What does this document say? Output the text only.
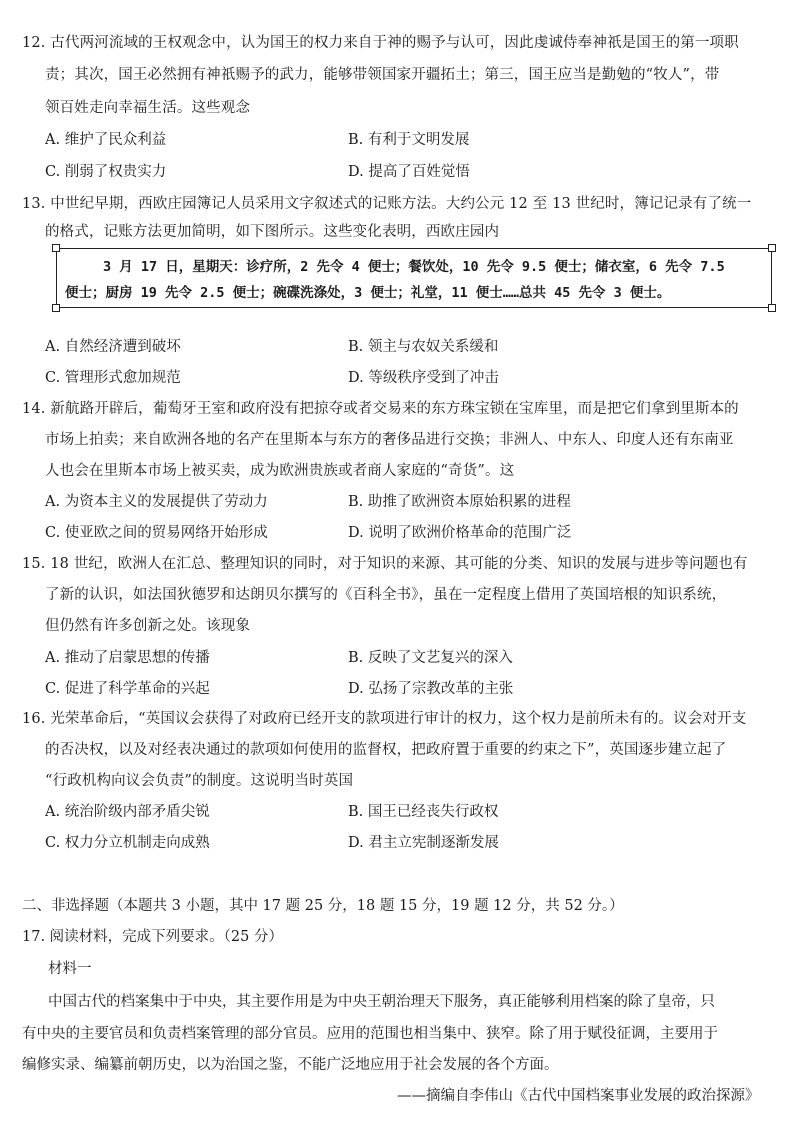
12. 古代两河流域的王权观念中，认为国王的权力来自于神的赐予与认可，因此虔诚侍奉神祇是国王的第一项职
责；其次，国王必然拥有神祇赐予的武力，能够带领国家开疆拓土；第三，国王应当是勤勉的“牧人”，带
领百姓走向幸福生活。这些观念
A. 维护了民众利益	B. 有利于文明发展
C. 削弱了权贵实力	D. 提高了百姓觉悟
13. 中世纪早期，西欧庄园簿记人员采用文字叙述式的记账方法。大约公元 12 至 13 世纪时，簿记记录有了统一
的格式，记账方法更加简明，如下图所示。这些变化表明，西欧庄园内
3 月 17 日，星期天：诊疗所，2 先令 4 便士；餐饮处，10 先令 9.5 便士；储衣室，6 先令 7.5
便士；厨房 19 先令 2.5 便士；碗碟洗涤处，3 便士；礼堂，11 便士……总共 45 先令 3 便士。
A. 自然经济遭到破坏	B. 领主与农奴关系缓和
C. 管理形式愈加规范	D. 等级秩序受到了冲击
14. 新航路开辟后，葡萄牙王室和政府没有把掠夺或者交易来的东方珠宝锁在宝库里，而是把它们拿到里斯本的
市场上拍卖；来自欧洲各地的名产在里斯本与东方的奢侈品进行交换；非洲人、中东人、印度人还有东南亚
人也会在里斯本市场上被买卖，成为欧洲贵族或者商人家庭的“奇货”。这
A. 为资本主义的发展提供了劳动力	B. 助推了欧洲资本原始积累的进程
C. 使亚欧之间的贸易网络开始形成	D. 说明了欧洲价格革命的范围广泛
15. 18 世纪，欧洲人在汇总、整理知识的同时，对于知识的来源、其可能的分类、知识的发展与进步等问题也有
了新的认识，如法国狄德罗和达朗贝尔撰写的《百科全书》，虽在一定程度上借用了英国培根的知识系统，
但仍然有许多创新之处。该现象
A. 推动了启蒙思想的传播	B. 反映了文艺复兴的深入
C. 促进了科学革命的兴起	D. 弘扬了宗教改革的主张
16. 光荣革命后，“英国议会获得了对政府已经开支的款项进行审计的权力，这个权力是前所未有的。议会对开支
的否决权，以及对经表决通过的款项如何使用的监督权，把政府置于重要的约束之下”，英国逐步建立起了
“行政机构向议会负责”的制度。这说明当时英国
A. 统治阶级内部矛盾尖锐	B. 国王已经丧失行政权
C. 权力分立机制走向成熟	D. 君主立宪制逐渐发展
二、非选择题（本题共 3 小题，其中 17 题 25 分，18 题 15 分，19 题 12 分，共 52 分。）
17. 阅读材料，完成下列要求。（25 分）
材料一
中国古代的档案集中于中央，其主要作用是为中央王朝治理天下服务，真正能够利用档案的除了皇帝，只
有中央的主要官员和负责档案管理的部分官员。应用的范围也相当集中、狭窄。除了用于赋役征调，主要用于
编修实录、编纂前朝历史，以为治国之鉴，不能广泛地应用于社会发展的各个方面。
——摘编自李伟山《古代中国档案事业发展的政治探源》
